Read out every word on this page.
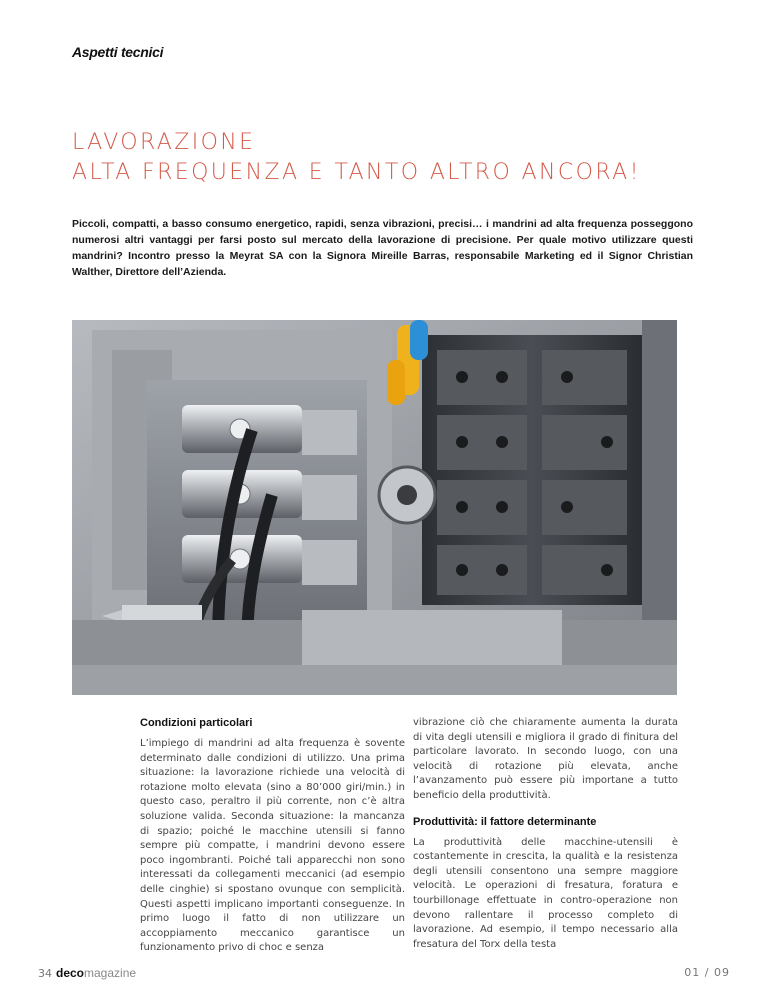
Aspetti tecnici
LAVORAZIONE
ALTA FREQUENZA E TANTO ALTRO ANCORA!

Piccoli, compatti, a basso consumo energetico, rapidi, senza vibrazioni, precisi… i mandrini ad alta frequenza posseggono numerosi altri vantaggi per farsi posto sul mercato della lavorazione di precisione. Per quale motivo utilizzare questi mandrini? Incontro presso la Meyrat SA con la Signora Mireille Barras, responsabile Marketing ed il Signor Christian Walther, Direttore dell’Azienda.

Condizioni particolari

L’impiego di mandrini ad alta frequenza è sovente determinato dalle condizioni di utilizzo. Una prima situazione: la lavorazione richiede una velocità di rotazione molto elevata (sino a 80’000 giri/min.) in questo caso, peraltro il più corrente, non c’è altra soluzione valida. Seconda situazione: la mancanza di spazio; poiché le macchine utensili si fanno sempre più compatte, i mandrini devono essere poco ingombranti. Poiché tali apparecchi non sono interessati da collegamenti meccanici (ad esempio delle cinghie) si spostano ovunque con semplicità. Questi aspetti implicano importanti conseguenze. In primo luogo il fatto di non utilizzare un accoppiamento meccanico garantisce un funzionamento privo di choc e senza

vibrazione ciò che chiaramente aumenta la durata di vita degli utensili e migliora il grado di finitura del particolare lavorato. In secondo luogo, con una velocità di rotazione più elevata, anche l’avanzamento può essere più importane a tutto beneficio della produttività.

Produttività: il fattore determinante

La produttività delle macchine-utensili è costantemente in crescita, la qualità e la resistenza degli utensili consentono una sempre maggiore velocità. Le operazioni di fresatura, foratura e tourbillonage effettuate in contro-operazione non devono rallentare il processo completo di lavorazione. Ad esempio, il tempo necessario alla fresatura del Torx della testa

34 decomagazine	01 / 09
